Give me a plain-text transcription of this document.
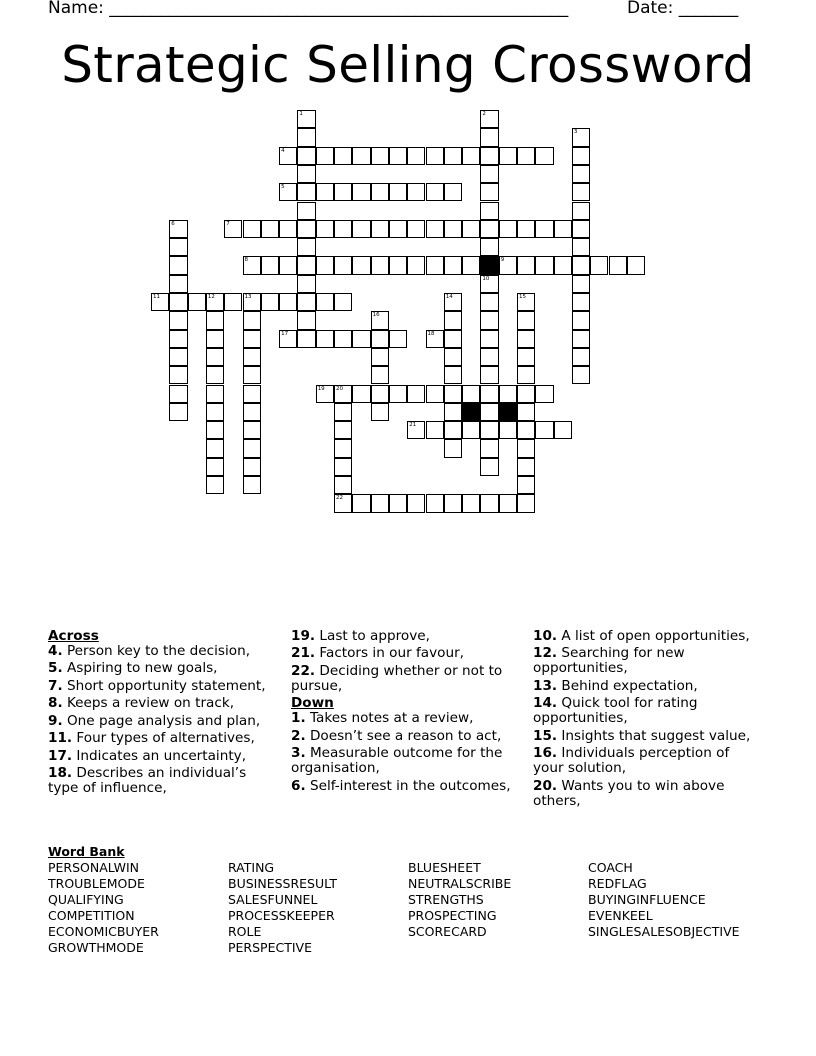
Name: ______________________________________________________	Date: _______
Strategic Selling Crossword
4
5
7
8	9
11	12	13
17	18
19 20
21
22
1	2
10
3
6
14	15
16
Across
4. Person key to the decision,
5. Aspiring to new goals,
7. Short opportunity statement,
8. Keeps a review on track,
9. One page analysis and plan,
11. Four types of alternatives,
17. Indicates an uncertainty,
18. Describes an individual’s type of influence,
19. Last to approve,
21. Factors in our favour,
22. Deciding whether or not to pursue,
Down
1. Takes notes at a review,
2. Doesn’t see a reason to act,
3. Measurable outcome for the organisation,
6. Self-interest in the outcomes,
10. A list of open opportunities,
12. Searching for new opportunities,
13. Behind expectation,
14. Quick tool for rating opportunities,
15. Insights that suggest value,
16. Individuals perception of your solution,
20. Wants you to win above others,
Word Bank
PERSONALWIN
TROUBLEMODE
QUALIFYING
COMPETITION
ECONOMICBUYER
GROWTHMODE
RATING
BUSINESSRESULT
SALESFUNNEL
PROCESSKEEPER
ROLE
PERSPECTIVE
BLUESHEET
NEUTRALSCRIBE
STRENGTHS
PROSPECTING
SCORECARD
COACH
REDFLAG
BUYINGINFLUENCE
EVENKEEL
SINGLESALESOBJECTIVE
